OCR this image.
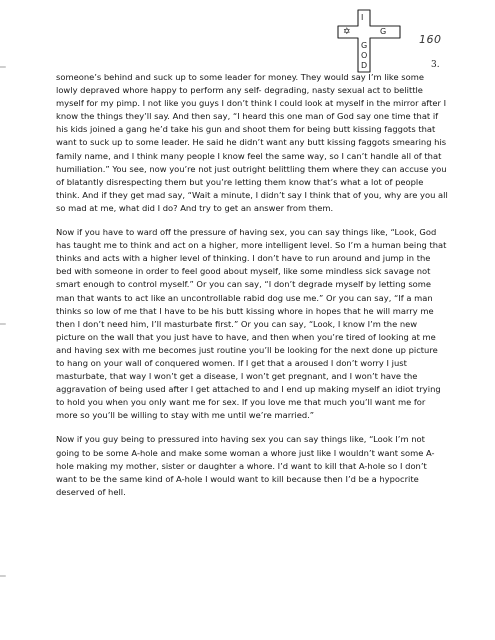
✡
I
G
G
O
D
160
3.

someone’s behind and suck up to some leader for money. They would say I’m like some lowly depraved whore happy to perform any self- degrading, nasty sexual act to belittle myself for my pimp. I not like you guys I don’t think I could look at myself in the mirror after I know the things they’ll say. And then say, “I heard this one man of God say one time that if his kids joined a gang he’d take his gun and shoot them for being butt kissing faggots that want to suck up to some leader. He said he didn’t want any butt kissing faggots smearing his family name, and I think many people I know feel the same way, so I can’t handle all of that humiliation.” You see, now you’re not just outright belittling them where they can accuse you of blatantly disrespecting them but you’re letting them know that’s what a lot of people think. And if they get mad say, “Wait a minute, I didn’t say I think that of you, why are you all so mad at me, what did I do? And try to get an answer from them.

Now if you have to ward off the pressure of having sex, you can say things like, “Look, God has taught me to think and act on a higher, more intelligent level. So I’m a human being that thinks and acts with a higher level of thinking. I don’t have to run around and jump in the bed with someone in order to feel good about myself, like some mindless sick savage not smart enough to control myself.” Or you can say, “I don’t degrade myself by letting some man that wants to act like an uncontrollable rabid dog use me.” Or you can say, “If a man thinks so low of me that I have to be his butt kissing whore in hopes that he will marry me then I don’t need him, I’ll masturbate first.” Or you can say, “Look, I know I’m the new picture on the wall that you just have to have, and then when you’re tired of looking at me and having sex with me becomes just routine you’ll be looking for the next done up picture to hang on your wall of conquered women. If I get that a aroused I don’t worry I just masturbate, that way I won’t get a disease, I won’t get pregnant, and I won’t have the aggravation of being used after I get attached to and I end up making myself an idiot trying to hold you when you only want me for sex. If you love me that much you’ll want me for more so you’ll be willing to stay with me until we’re married.”

Now if you guy being to pressured into having sex you can say things like, “Look I’m not going to be some A-hole and make some woman a whore just like I wouldn’t want some A-hole making my mother, sister or daughter a whore. I’d want to kill that A-hole so I don’t want to be the same kind of A-hole I would want to kill because then I’d be a hypocrite deserved of hell.
